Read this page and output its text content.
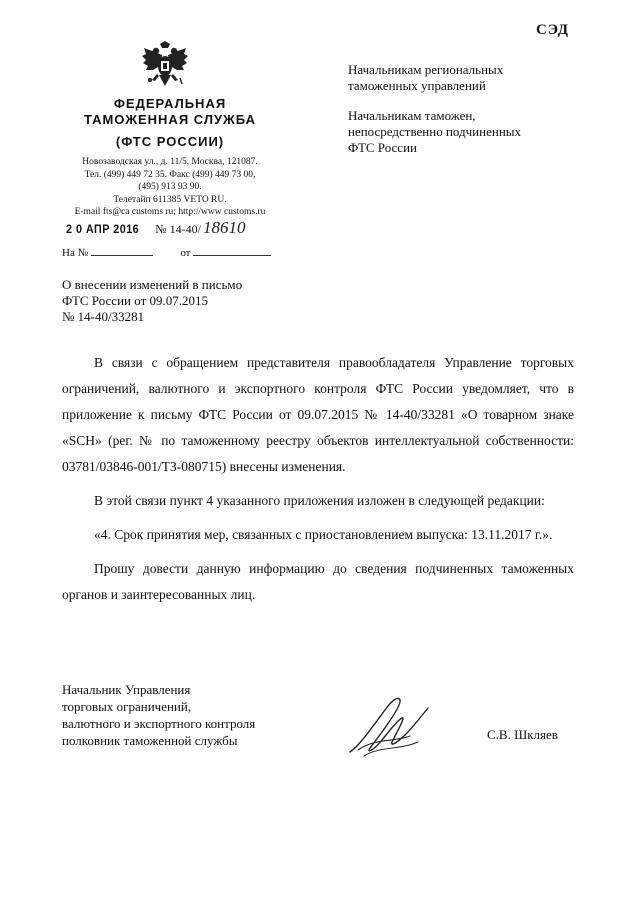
СЭД
ФЕДЕРАЛЬНАЯ
ТАМОЖЕННАЯ СЛУЖБА
(ФТС РОССИИ)
Новозаводская ул., д. 11/5, Москва, 121087.
Тел. (499) 449 72 35. Факс (499) 449 73 00,
(495) 913 93 90.
Телетайп 611385 VETO RU.
E-mail fts@ca customs ru; http://www customs.ru
2 0 АПР 2016 № 14-40/ 18610
На №	от
Начальникам региональных
таможенных управлений
Начальникам таможен,
непосредственно подчиненных
ФТС России
О внесении изменений в письмо
ФТС России от 09.07.2015
№ 14-40/33281

В связи с обращением представителя правообладателя Управление торговых ограничений, валютного и экспортного контроля ФТС России уведомляет, что в приложение к письму ФТС России от 09.07.2015 № 14-40/33281 «О товарном знаке «SCH» (рег. № по таможенному реестру объектов интеллектуальной собственности: 03781/03846-001/ТЗ-080715) внесены изменения.

В этой связи пункт 4 указанного приложения изложен в следующей редакции:

«4. Срок принятия мер, связанных с приостановлением выпуска: 13.11.2017 г.».

Прошу довести данную информацию до сведения подчиненных таможенных органов и заинтересованных лиц.

Начальник Управления
торговых ограничений,
валютного и экспортного контроля
полковник таможенной службы	С.В. Шкляев
